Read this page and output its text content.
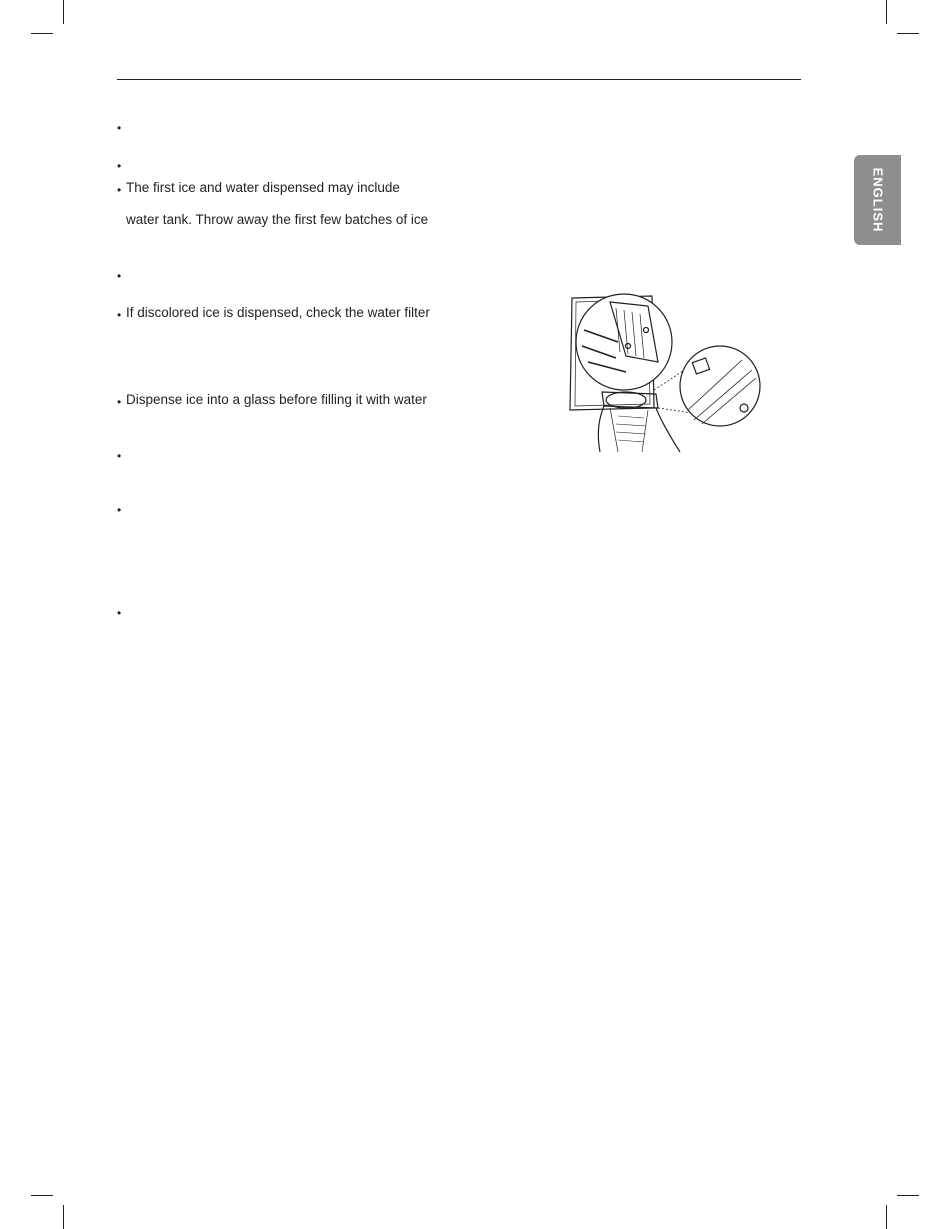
ENGLISH
•
•
•
•
•
•
• The first ice and water dispensed may include
water tank. Throw away the first few batches of ice
• If discolored ice is dispensed, check the water filter
• Dispense ice into a glass before filling it with water
